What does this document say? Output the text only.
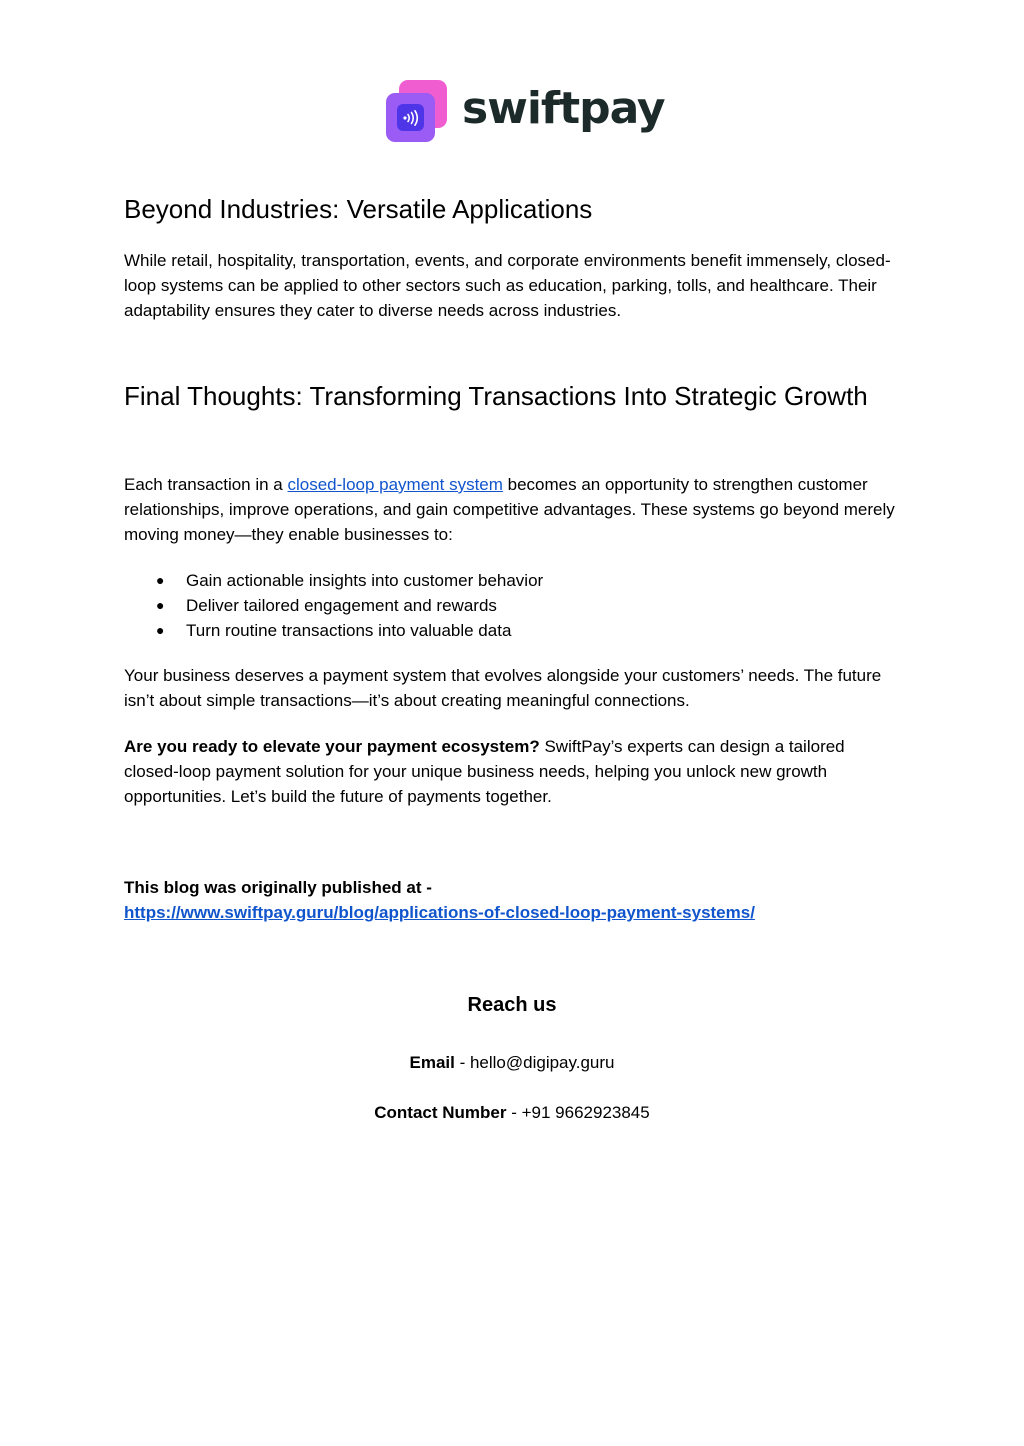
swiftpay
Beyond Industries: Versatile Applications

While retail, hospitality, transportation, events, and corporate environments benefit immensely, closed-loop systems can be applied to other sectors such as education, parking, tolls, and healthcare. Their adaptability ensures they cater to diverse needs across industries.

Final Thoughts: Transforming Transactions Into Strategic Growth

Each transaction in a closed-loop payment system becomes an opportunity to strengthen customer relationships, improve operations, and gain competitive advantages. These systems go beyond merely moving money—they enable businesses to:

● Gain actionable insights into customer behavior
● Deliver tailored engagement and rewards
● Turn routine transactions into valuable data

Your business deserves a payment system that evolves alongside your customers’ needs. The future isn’t about simple transactions—it’s about creating meaningful connections.

Are you ready to elevate your payment ecosystem? SwiftPay’s experts can design a tailored closed-loop payment solution for your unique business needs, helping you unlock new growth opportunities. Let’s build the future of payments together.

This blog was originally published at -

https://www.swiftpay.guru/blog/applications-of-closed-loop-payment-systems/

Reach us

Email - hello@digipay.guru

Contact Number - +91 9662923845
